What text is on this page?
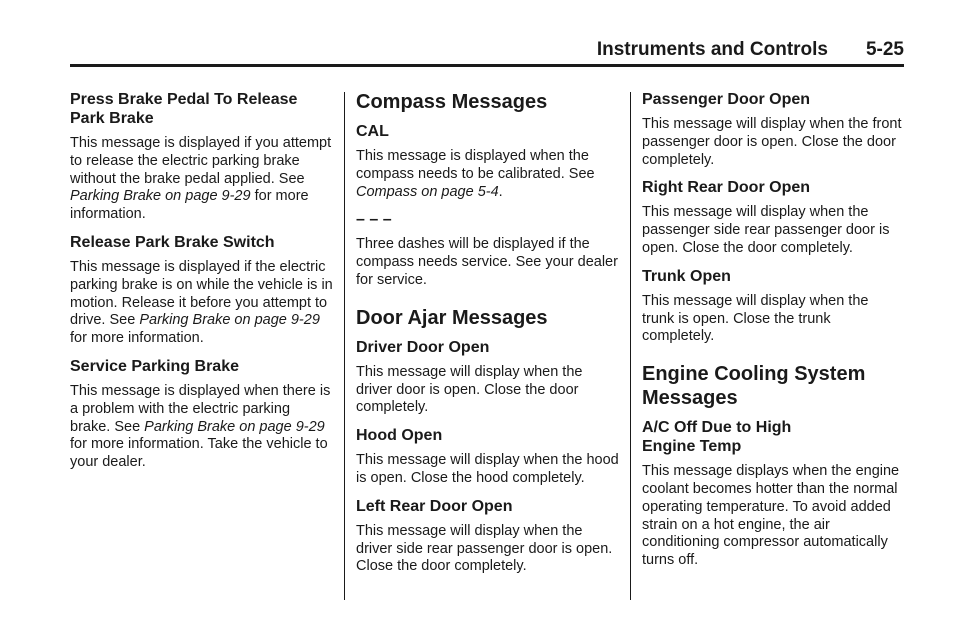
Instruments and Controls 5-25
Press Brake Pedal To Release
Park Brake

This message is displayed if you attempt to release the electric parking brake without the brake pedal applied. See Parking Brake on page 9-29 for more information.

Release Park Brake Switch

This message is displayed if the electric parking brake is on while the vehicle is in motion. Release it before you attempt to drive. See Parking Brake on page 9-29 for more information.

Service Parking Brake

This message is displayed when there is a problem with the electric parking brake. See Parking Brake on page 9-29 for more information. Take the vehicle to your dealer.

Compass Messages
CAL

This message is displayed when the compass needs to be calibrated. See Compass on page 5-4.

– – –

Three dashes will be displayed if the compass needs service. See your dealer for service.

Door Ajar Messages
Driver Door Open

This message will display when the driver door is open. Close the door completely.

Hood Open

This message will display when the hood is open. Close the hood completely.

Left Rear Door Open

This message will display when the driver side rear passenger door is open. Close the door completely.

Passenger Door Open

This message will display when the front passenger door is open. Close the door completely.

Right Rear Door Open

This message will display when the passenger side rear passenger door is open. Close the door completely.

Trunk Open

This message will display when the trunk is open. Close the trunk completely.

Engine Cooling System
Messages
A/C Off Due to High
Engine Temp

This message displays when the engine coolant becomes hotter than the normal operating temperature. To avoid added strain on a hot engine, the air conditioning compressor automatically turns off.
